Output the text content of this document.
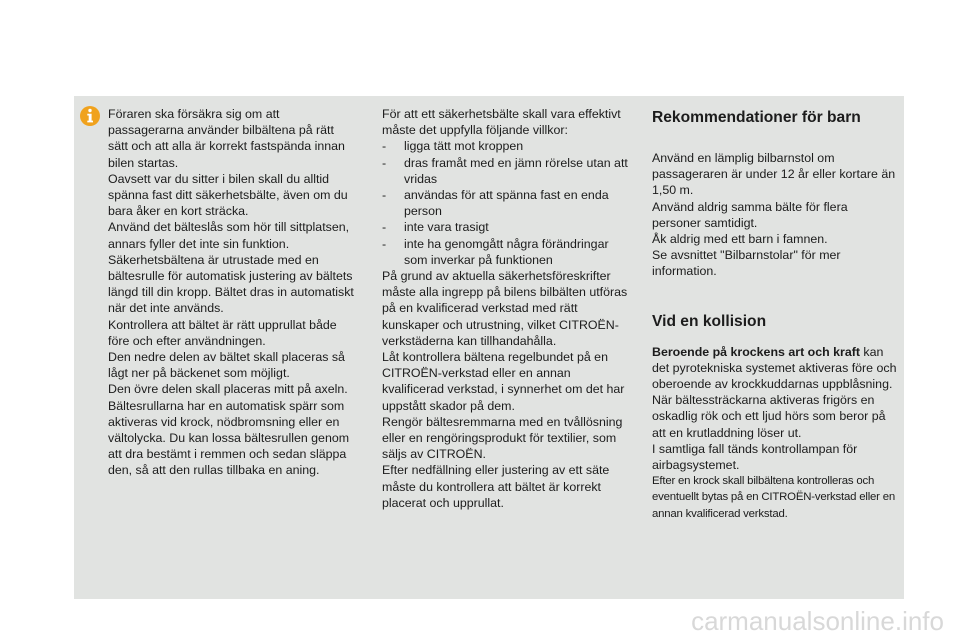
Föraren ska försäkra sig om att passagerarna använder bilbältena på rätt sätt och att alla är korrekt fastspända innan bilen startas.

Oavsett var du sitter i bilen skall du alltid spänna fast ditt säkerhetsbälte, även om du bara åker en kort sträcka.

Använd det bälteslås som hör till sittplatsen, annars fyller det inte sin funktion.

Säkerhetsbältena är utrustade med en bältesrulle för automatisk justering av bältets längd till din kropp. Bältet dras in automatiskt när det inte används.

Kontrollera att bältet är rätt upprullat både före och efter användningen.

Den nedre delen av bältet skall placeras så lågt ner på bäckenet som möjligt.

Den övre delen skall placeras mitt på axeln.

Bältesrullarna har en automatisk spärr som aktiveras vid krock, nödbromsning eller en vältolycka. Du kan lossa bältesrullen genom att dra bestämt i remmen och sedan släppa den, så att den rullas tillbaka en aning.

För att ett säkerhetsbälte skall vara effektivt måste det uppfylla följande villkor:

-	ligga tätt mot kroppen
-	dras framåt med en jämn rörelse utan att vridas
-	användas för att spänna fast en enda person
-	inte vara trasigt
-	inte ha genomgått några förändringar som inverkar på funktionen

På grund av aktuella säkerhetsföreskrifter måste alla ingrepp på bilens bilbälten utföras på en kvalificerad verkstad med rätt kunskaper och utrustning, vilket CITROËN-verkstäderna kan tillhandahålla.

Låt kontrollera bältena regelbundet på en CITROËN-verkstad eller en annan kvalificerad verkstad, i synnerhet om det har uppstått skador på dem.

Rengör bältesremmarna med en tvållösning eller en rengöringsprodukt för textilier, som säljs av CITROËN.

Efter nedfällning eller justering av ett säte måste du kontrollera att bältet är korrekt placerat och upprullat.

Rekommendationer för barn

Använd en lämplig bilbarnstol om passageraren är under 12 år eller kortare än 1,50 m.

Använd aldrig samma bälte för flera personer samtidigt.

Åk aldrig med ett barn i famnen.

Se avsnittet "Bilbarnstolar" för mer information.

Vid en kollision

Beroende på krockens art och kraft kan det pyrotekniska systemet aktiveras före och oberoende av krockkuddarnas uppblåsning.

När bältessträckarna aktiveras frigörs en oskadlig rök och ett ljud hörs som beror på att en krutladdning löser ut.

I samtliga fall tänds kontrollampan för airbagsystemet.

Efter en krock skall bilbältena kontrolleras och eventuellt bytas på en CITROËN-verkstad eller en annan kvalificerad verkstad.

carmanualsonline.info
